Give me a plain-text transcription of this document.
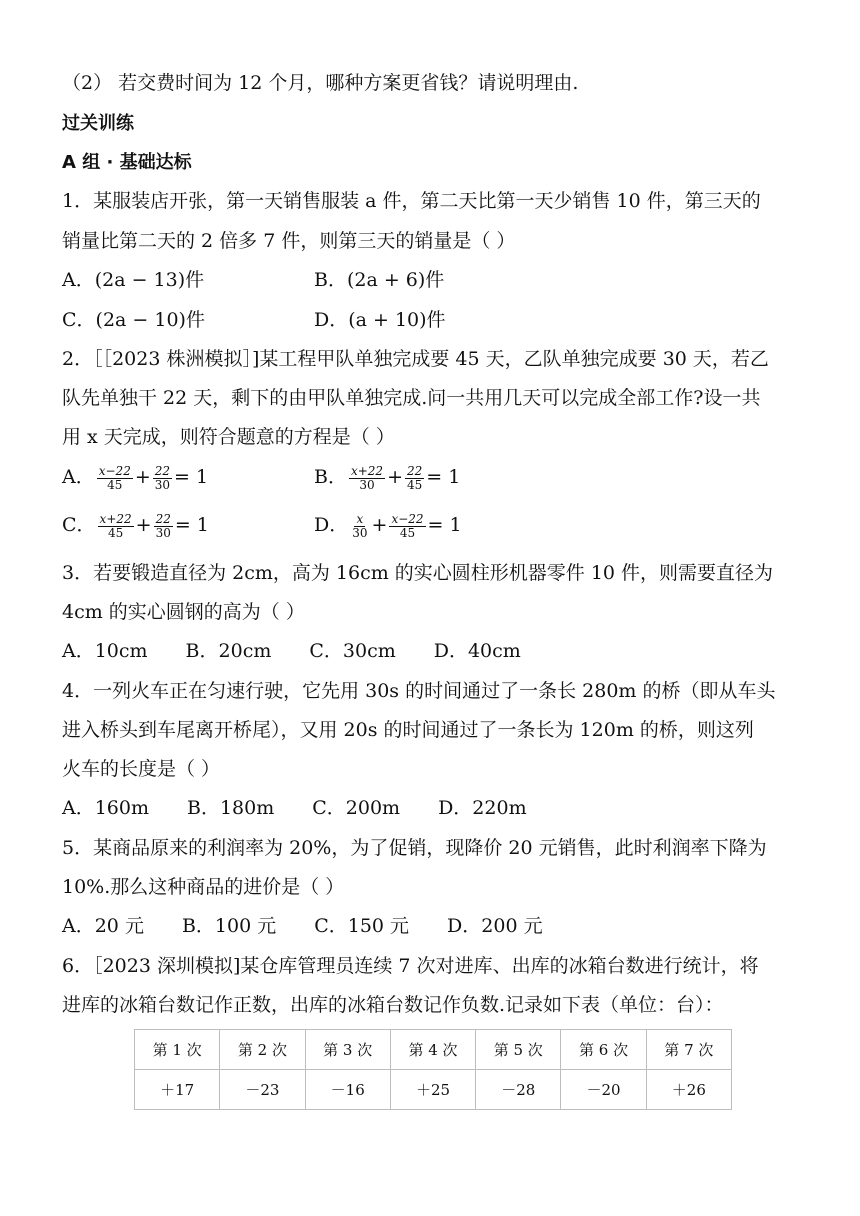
（2） 若交费时间为 12 个月，哪种方案更省钱？请说明理由.
过关训练
A 组 · 基础达标
1．某服装店开张，第一天销售服装 a 件，第二天比第一天少销售 10 件，第三天的
销量比第二天的 2 倍多 7 件，则第三天的销量是（ ）
A．(2a − 13)件	B．(2a + 6)件
C．(2a − 10)件	D．(a + 10)件
2．［［2023 株洲模拟］]某工程甲队单独完成要 45 天，乙队单独完成要 30 天，若乙
队先单独干 22 天，剩下的由甲队单独完成.问一共用几天可以完成全部工作?设一共
用 x 天完成，则符合题意的方程是（ ）
A． $\frac{x-22}{45} + \frac{22}{30} = 1$	B． $\frac{x+22}{30} + \frac{22}{45} = 1$
C． $\frac{x+22}{45} + \frac{22}{30} = 1$	D． $\frac{x}{30} + \frac{x-22}{45} = 1$
3．若要锻造直径为 2cm，高为 16cm 的实心圆柱形机器零件 10 件，则需要直径为
4cm 的实心圆钢的高为（ ）
A．10cm　　B．20cm　　C．30cm　　D．40cm
4．一列火车正在匀速行驶，它先用 30s 的时间通过了一条长 280m 的桥（即从车头
进入桥头到车尾离开桥尾），又用 20s 的时间通过了一条长为 120m 的桥，则这列
火车的长度是（ ）
A．160m　　B．180m　　C．200m　　D．220m
5．某商品原来的利润率为 20%，为了促销，现降价 20 元销售，此时利润率下降为
10%.那么这种商品的进价是（ ）
A．20 元　　B．100 元　　C．150 元　　D．200 元
6．［2023 深圳模拟]某仓库管理员连续 7 次对进库、出库的冰箱台数进行统计，将
进库的冰箱台数记作正数，出库的冰箱台数记作负数.记录如下表（单位：台）：
第 1 次	第 2 次	第 3 次	第 4 次	第 5 次	第 6 次	第 7 次
＋17	－23	－16	＋25	－28	－20	＋26
